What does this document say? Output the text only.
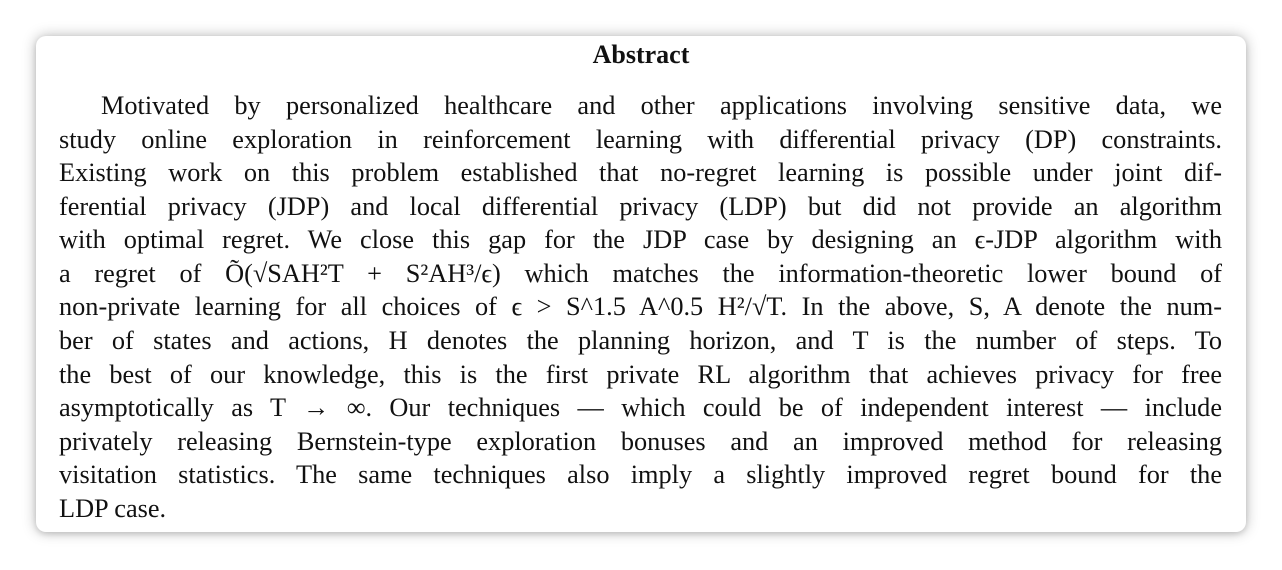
Abstract
Motivated by personalized healthcare and other applications involving sensitive data, we
study online exploration in reinforcement learning with differential privacy (DP) constraints.
Existing work on this problem established that no-regret learning is possible under joint dif-
ferential privacy (JDP) and local differential privacy (LDP) but did not provide an algorithm
with optimal regret. We close this gap for the JDP case by designing an ϵ-JDP algorithm with
a regret of Õ(√SAH²T + S²AH³/ϵ) which matches the information-theoretic lower bound of
non-private learning for all choices of ϵ > S^1.5 A^0.5 H²/√T. In the above, S, A denote the num-
ber of states and actions, H denotes the planning horizon, and T is the number of steps. To
the best of our knowledge, this is the first private RL algorithm that achieves privacy for free
asymptotically as T → ∞. Our techniques — which could be of independent interest — include
privately releasing Bernstein-type exploration bonuses and an improved method for releasing
visitation statistics. The same techniques also imply a slightly improved regret bound for the
LDP case.
